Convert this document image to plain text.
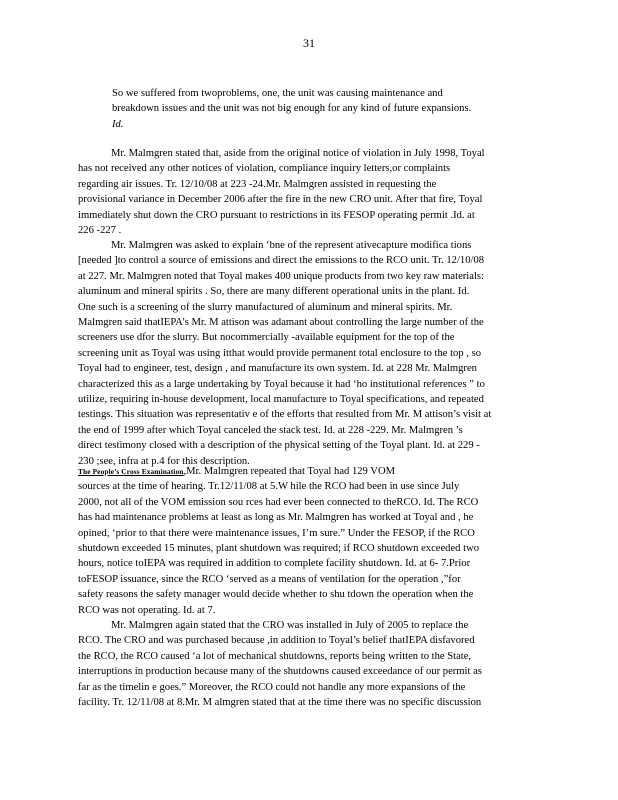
31
So we suffered from twoproblems, one, the unit was causing maintenance and
breakdown issues and the unit was not big enough for any kind of future expansions.
Id.
Mr. Malmgren stated that, aside from the original notice of violation in July 1998, Toyal
has not received any other notices of violation, compliance inquiry letters,or complaints
regarding air issues. Tr. 12/10/08 at 223 -24.Mr. Malmgren assisted in requesting the
provisional variance in December 2006 after the fire in the new CRO unit. After that fire, Toyal
immediately shut down the CRO pursuant to restrictions in its FESOP operating permit .Id. at
226 -227 .
Mr. Malmgren was asked to explain ‘bne of the represent ativecapture modifica tions
[needed ]to control a source of emissions and direct the emissions to the RCO unit. Tr. 12/10/08
at 227. Mr. Malmgren noted that Toyal makes 400 unique products from two key raw materials:
aluminum and mineral spirits . So, there are many different operational units in the plant. Id.
One such is a screening of the slurry manufactured of aluminum and mineral spirits. Mr.
Malmgren said thatIEPA’s Mr. M attison was adamant about controlling the large number of the
screeners use dfor the slurry. But nocommercially -available equipment for the top of the
screening unit as Toyal was using itthat would provide permanent total enclosure to the top , so
Toyal had to engineer, test, design , and manufacture its own system. Id. at 228 Mr. Malmgren
characterized this as a large undertaking by Toyal because it had ‘ho institutional references ” to
utilize, requiring in-house development, local manufacture to Toyal specifications, and repeated
testings. This situation was representativ e of the efforts that resulted from Mr. M attison’s visit at
the end of 1999 after which Toyal canceled the stack test. Id. at 228 -229. Mr. Malmgren ’s
direct testimony closed with a description of the physical setting of the Toyal plant. Id. at 229 -
230 ;see, infra at p.4 for this description.
The People’s Cross Examination,Mr. Malmgren repeated that Toyal had 129 VOM
sources at the time of hearing. Tr.12/11/08 at 5.W hile the RCO had been in use since July
2000, not all of the VOM emission sou rces had ever been connected to theRCO. Id. The RCO
has had maintenance problems at least as long as Mr. Malmgren has worked at Toyal and , he
opined, ‘prior to that there were maintenance issues, I’m sure.” Under the FESOP, if the RCO
shutdown exceeded 15 minutes, plant shutdown was required; if RCO shutdown exceeded two
hours, notice toIEPA was required in addition to complete facility shutdown. Id. at 6- 7.Prior
toFESOP issuance, since the RCO ‘served as a means of ventilation for the operation ,”for
safety reasons the safety manager would decide whether to shu tdown the operation when the
RCO was not operating. Id. at 7.
Mr. Malmgren again stated that the CRO was installed in July of 2005 to replace the
RCO. The CRO and was purchased because ,in addition to Toyal’s belief thatIEPA disfavored
the RCO, the RCO caused ‘a lot of mechanical shutdowns, reports being written to the State,
interruptions in production because many of the shutdowns caused exceedance of our permit as
far as the timelin e goes.” Moreover, the RCO could not handle any more expansions of the
facility. Tr. 12/11/08 at 8.Mr. M almgren stated that at the time there was no specific discussion
